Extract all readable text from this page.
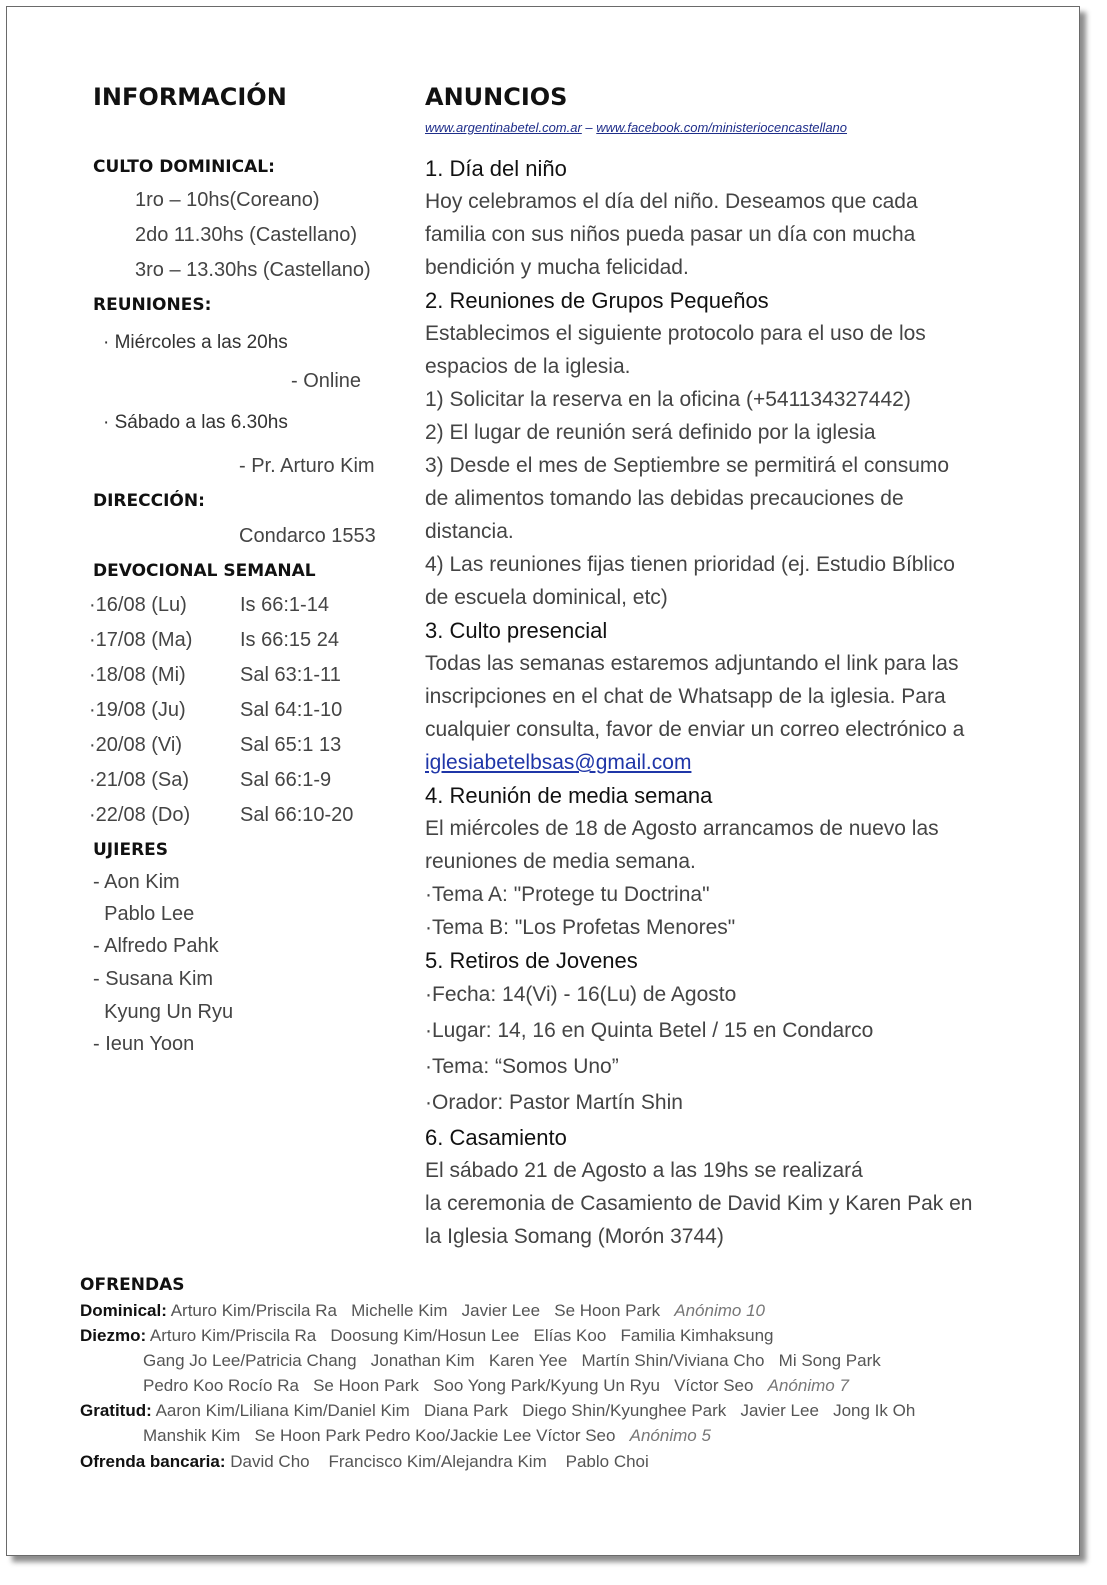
INFORMACIÓN
CULTO DOMINICAL:
1ro – 10hs(Coreano)
2do 11.30hs (Castellano)
3ro – 13.30hs (Castellano)
REUNIONES:
· Miércoles a las 20hs
- Online
· Sábado a las 6.30hs
- Pr. Arturo Kim
DIRECCIÓN:
Condarco 1553
DEVOCIONAL SEMANAL
·16/08 (Lu)	Is 66:1-14
·17/08 (Ma) Is 66:15 24
·18/08 (Mi)	Sal 63:1-11
·19/08 (Ju)	Sal 64:1-10
·20/08 (Vi)	Sal 65:1 13
·21/08 (Sa)	Sal 66:1-9
·22/08 (Do) Sal 66:10-20
UJIERES
- Aon Kim
Pablo Lee
- Alfredo Pahk
- Susana Kim
Kyung Un Ryu
- Ieun Yoon
ANUNCIOS
www.argentinabetel.com.ar – www.facebook.com/ministeriocencastellano
1. Día del niño
Hoy celebramos el día del niño. Deseamos que cada
familia con sus niños pueda pasar un día con mucha
bendición y mucha felicidad.
2. Reuniones de Grupos Pequeños
Establecimos el siguiente protocolo para el uso de los
espacios de la iglesia.
1) Solicitar la reserva en la oficina (+541134327442)
2) El lugar de reunión será definido por la iglesia
3) Desde el mes de Septiembre se permitirá el consumo
de alimentos tomando las debidas precauciones de
distancia.
4) Las reuniones fijas tienen prioridad (ej. Estudio Bíblico
de escuela dominical, etc)
3. Culto presencial
Todas las semanas estaremos adjuntando el link para las
inscripciones en el chat de Whatsapp de la iglesia. Para
cualquier consulta, favor de enviar un correo electrónico a
iglesiabetelbsas@gmail.com
4. Reunión de media semana
El miércoles de 18 de Agosto arrancamos de nuevo las
reuniones de media semana.
·Tema A: "Protege tu Doctrina"
·Tema B: "Los Profetas Menores"
5. Retiros de Jovenes
·Fecha: 14(Vi) - 16(Lu) de Agosto
·Lugar: 14, 16 en Quinta Betel / 15 en Condarco
·Tema: “Somos Uno”
·Orador: Pastor Martín Shin
6. Casamiento
El sábado 21 de Agosto a las 19hs se realizará
la ceremonia de Casamiento de David Kim y Karen Pak en
la Iglesia Somang (Morón 3744)
OFRENDAS
Dominical: Arturo Kim/Priscila Ra   Michelle Kim   Javier Lee   Se Hoon Park Anónimo 10
Diezmo: Arturo Kim/Priscila Ra   Doosung Kim/Hosun Lee   Elías Koo   Familia Kimhaksung
Gang Jo Lee/Patricia Chang   Jonathan Kim   Karen Yee   Martín Shin/Viviana Cho   Mi Song Park
Pedro Koo Rocío Ra   Se Hoon Park   Soo Yong Park/Kyung Un Ryu   Víctor Seo Anónimo 7
Gratitud: Aaron Kim/Liliana Kim/Daniel Kim   Diana Park   Diego Shin/Kyunghee Park   Javier Lee   Jong Ik Oh
Manshik Kim   Se Hoon Park Pedro Koo/Jackie Lee Víctor Seo Anónimo 5
Ofrenda bancaria: David Cho    Francisco Kim/Alejandra Kim    Pablo Choi
